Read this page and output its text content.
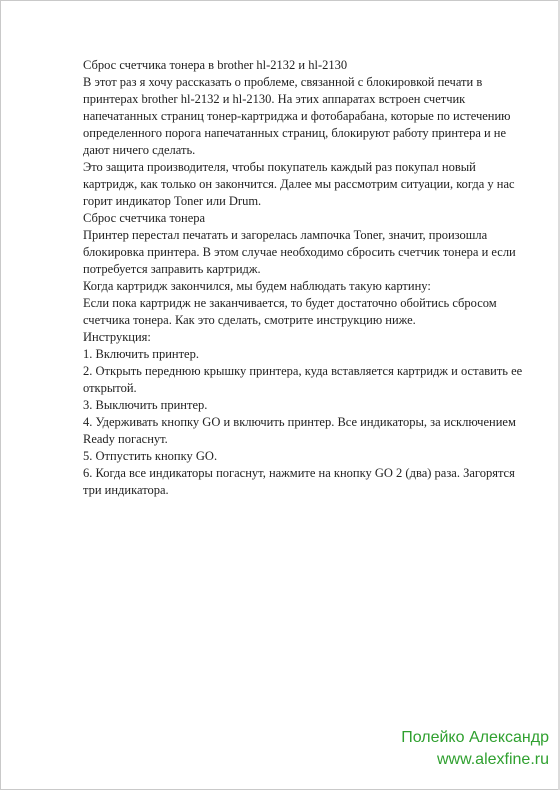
Сброс счетчика тонера в brother hl-2132 и hl-2130

В этот раз я хочу рассказать о проблеме, связанной с блокировкой печати в принтерах brother hl-2132 и hl-2130. На этих аппаратах встроен счетчик напечатанных страниц тонер-картриджа и фотобарабана, которые по истечению определенного порога напечатанных страниц, блокируют работу принтера и не дают ничего сделать.

Это защита производителя, чтобы покупатель каждый раз покупал новый картридж, как только он закончится. Далее мы рассмотрим ситуации, когда у нас горит индикатор Toner или Drum.

Сброс счетчика тонера

Принтер перестал печатать и загорелась лампочка Toner, значит, произошла блокировка принтера. В этом случае необходимо сбросить счетчик тонера и если потребуется заправить картридж.

Когда картридж закончился, мы будем наблюдать такую картину:

Если пока картридж не заканчивается, то будет достаточно обойтись сбросом счетчика тонера. Как это сделать, смотрите инструкцию ниже.

Инструкция:

1. Включить принтер.

2. Открыть переднюю крышку принтера, куда вставляется картридж и оставить ее открытой.

3. Выключить принтер.

4. Удерживать кнопку GO и включить принтер. Все индикаторы, за исключением Ready погаснут.

5. Отпустить кнопку GO.

6. Когда все индикаторы погаснут, нажмите на кнопку GO 2 (два) раза. Загорятся три индикатора.

Полейко Александр
www.alexfine.ru
